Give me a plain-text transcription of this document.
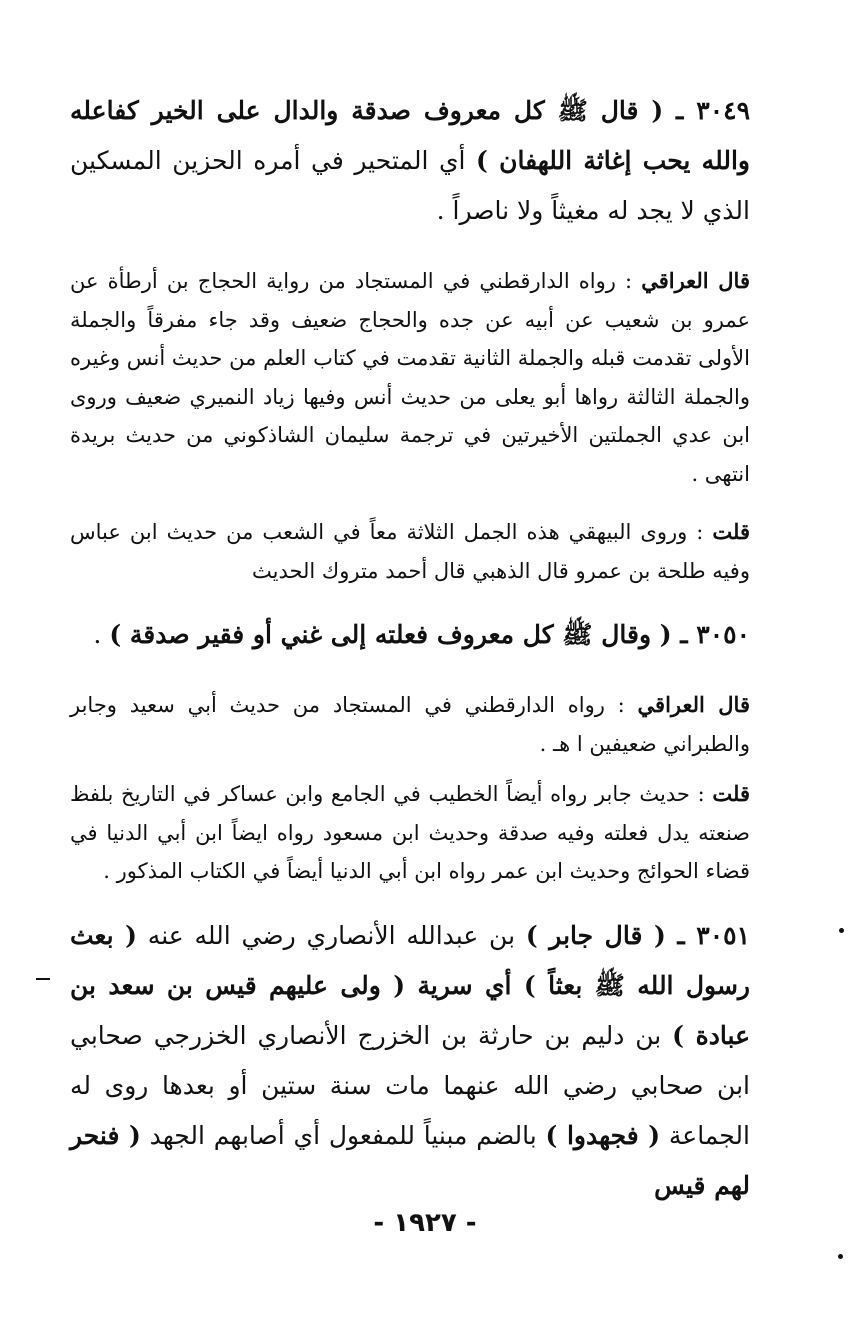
٣٠٤٩ ـ ( قال ﷺ كل معروف صدقة والدال على الخير كفاعله والله يحب إغاثة اللهفان ) أي المتحير في أمره الحزين المسكين الذي لا يجد له مغيثاً ولا ناصراً .

قال العراقي : رواه الدارقطني في المستجاد من رواية الحجاج بن أرطأة عن عمرو بن شعيب عن أبيه عن جده والحجاج ضعيف وقد جاء مفرقاً والجملة الأولى تقدمت قبله والجملة الثانية تقدمت في كتاب العلم من حديث أنس وغيره والجملة الثالثة رواها أبو يعلى من حديث أنس وفيها زياد النميري ضعيف وروى ابن عدي الجملتين الأخيرتين في ترجمة سليمان الشاذكوني من حديث بريدة انتهى .

قلت : وروى البيهقي هذه الجمل الثلاثة معاً في الشعب من حديث ابن عباس وفيه طلحة بن عمرو قال الذهبي قال أحمد متروك الحديث

٣٠٥٠ ـ ( وقال ﷺ كل معروف فعلته إلى غني أو فقير صدقة ) .

قال العراقي : رواه الدارقطني في المستجاد من حديث أبي سعيد وجابر والطبراني ضعيفين ا هـ .

قلت : حديث جابر رواه أيضاً الخطيب في الجامع وابن عساكر في التاريخ بلفظ صنعته يدل فعلته وفيه صدقة وحديث ابن مسعود رواه ايضاً ابن أبي الدنيا في قضاء الحوائج وحديث ابن عمر رواه ابن أبي الدنيا أيضاً في الكتاب المذكور .

٣٠٥١ ـ ( قال جابر ) بن عبدالله الأنصاري رضي الله عنه ( بعث رسول الله ﷺ بعثاً ) أي سرية ( ولى عليهم قيس بن سعد بن عبادة ) بن دليم بن حارثة بن الخزرج الأنصاري الخزرجي صحابي ابن صحابي رضي الله عنهما مات سنة ستين أو بعدها روى له الجماعة ( فجهدوا ) بالضم مبنياً للمفعول أي أصابهم الجهد ( فنحر لهم قيس

- ١٩٢٧ -
